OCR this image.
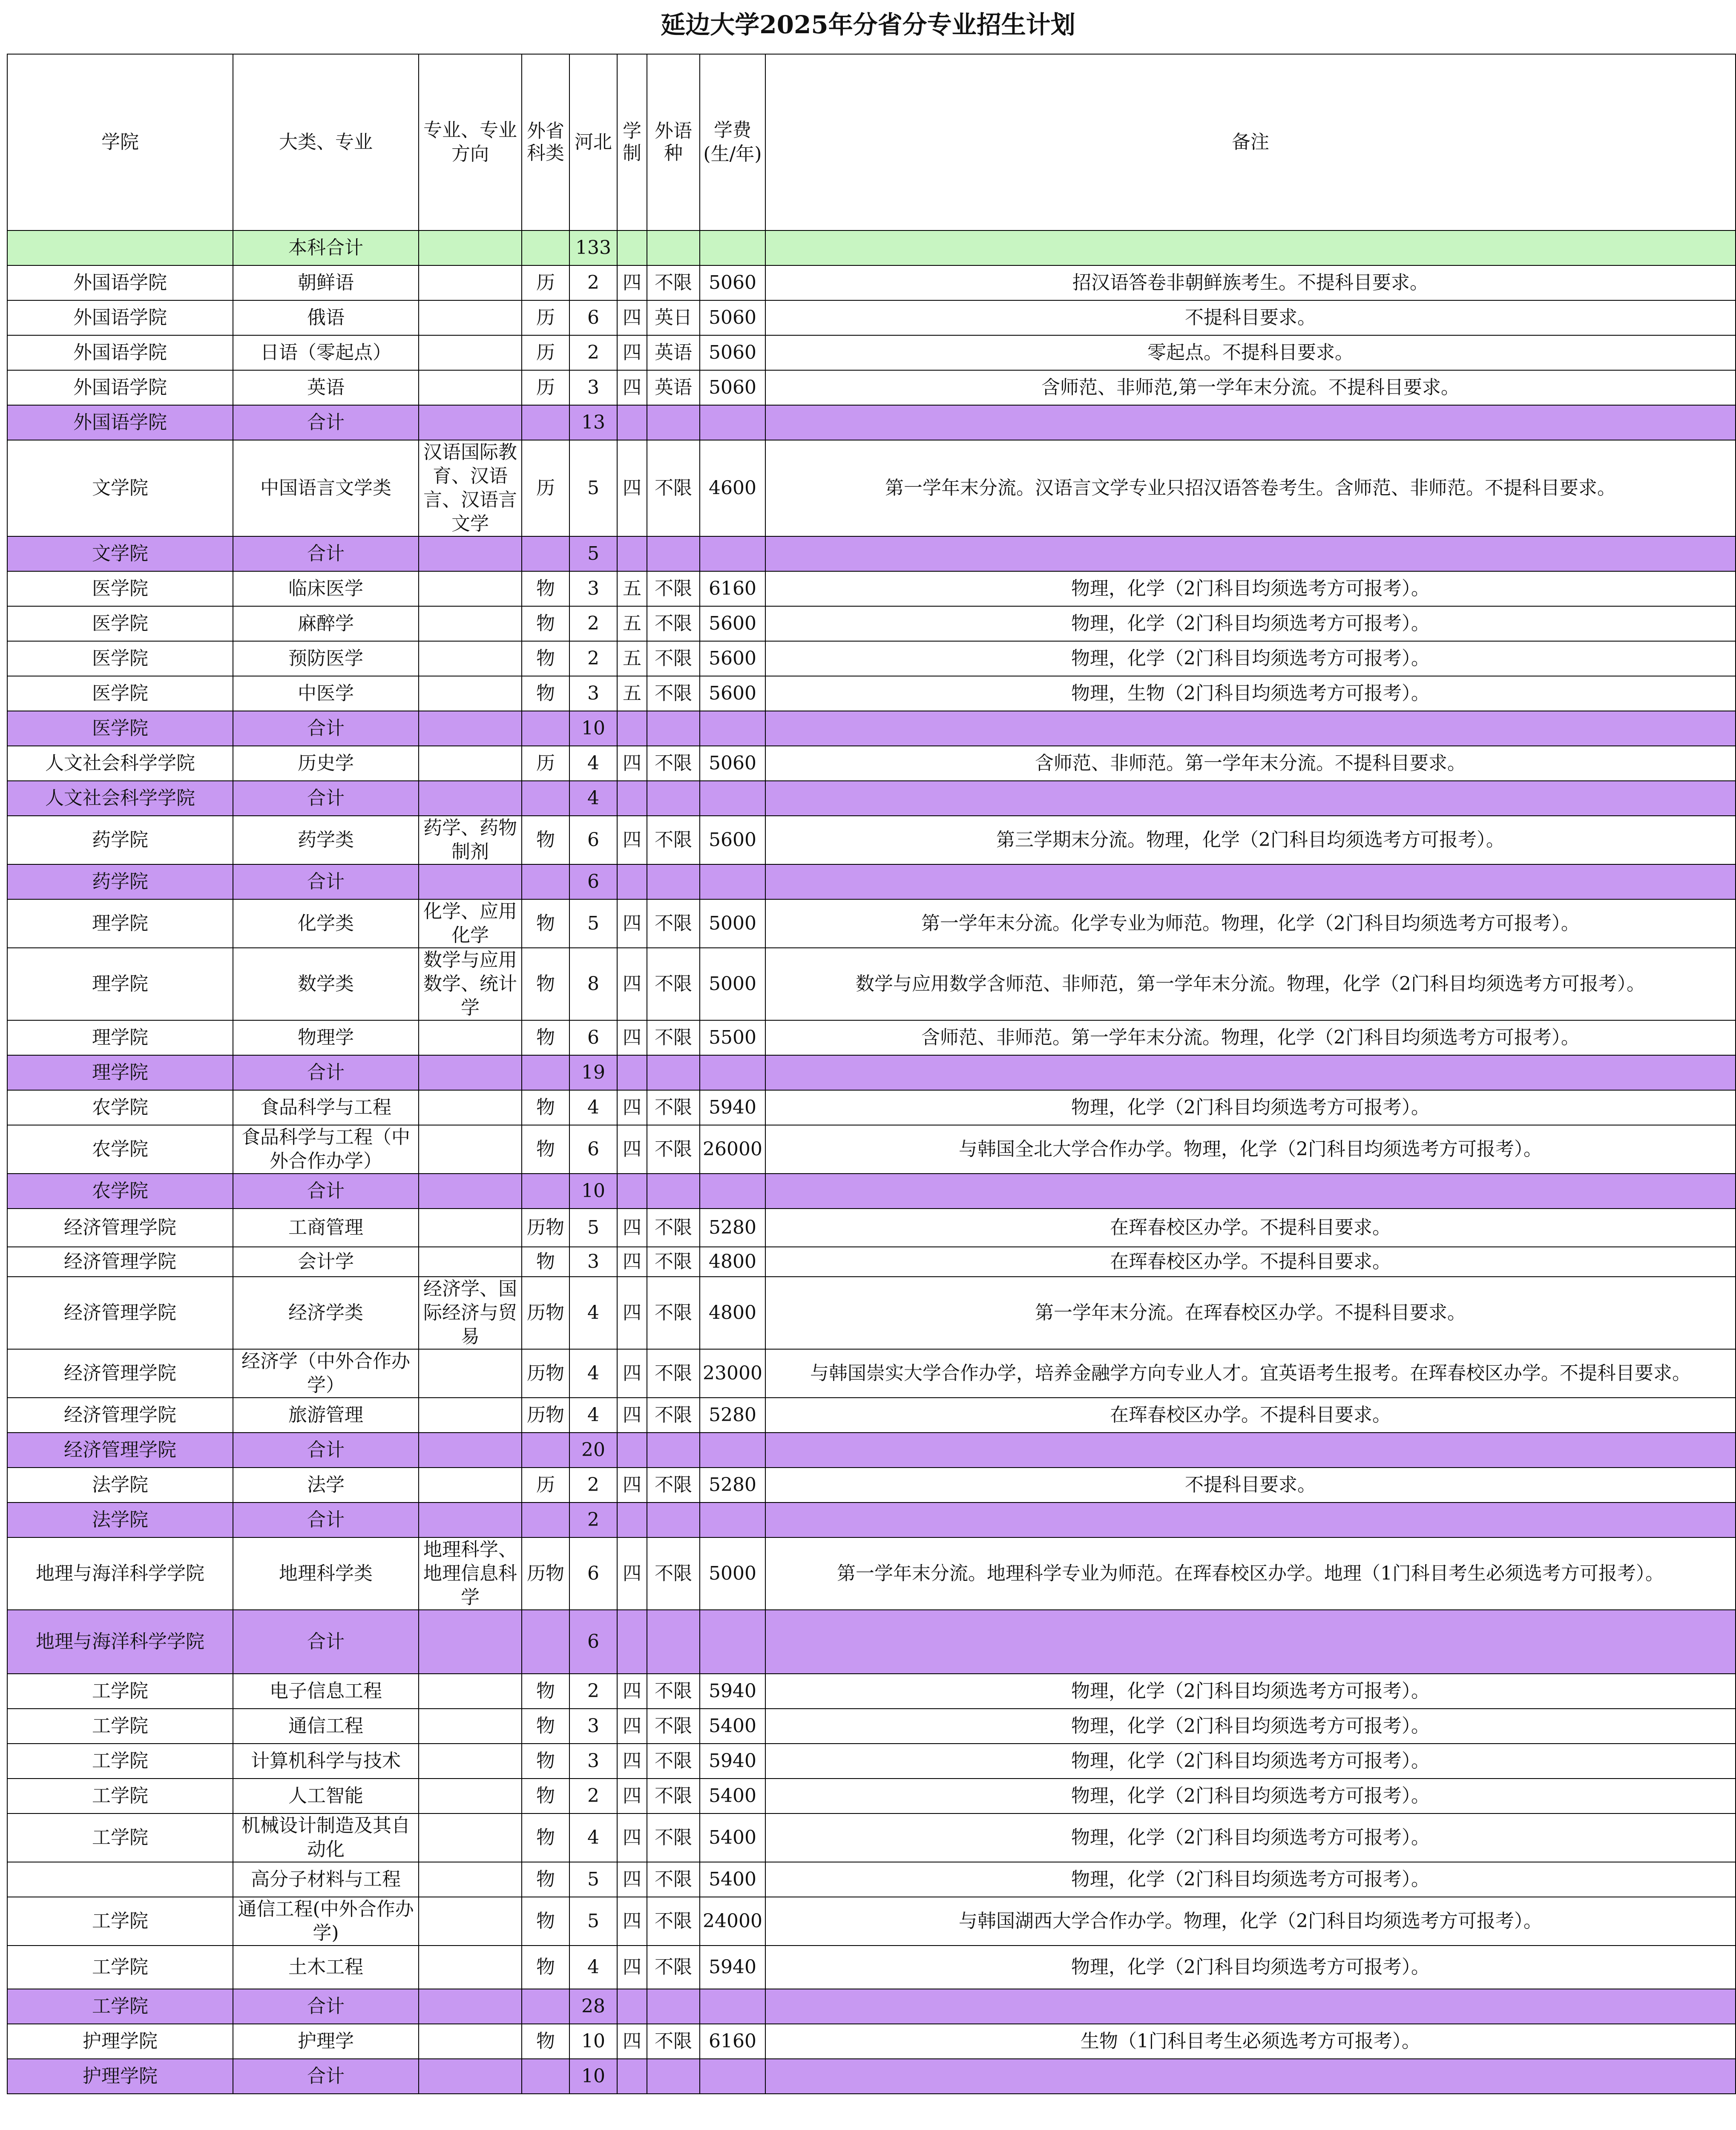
延边大学2025年分省分专业招生计划
学院	大类、专业	专业、专业方向	外省科类	河北	学制	外语种	学费(生/年)	备注
	本科合计			133				
外国语学院	朝鲜语		历	2	四	不限	5060	招汉语答卷非朝鲜族考生。不提科目要求。
外国语学院	俄语		历	6	四	英日	5060	不提科目要求。
外国语学院	日语（零起点）		历	2	四	英语	5060	零起点。不提科目要求。
外国语学院	英语		历	3	四	英语	5060	含师范、非师范,第一学年末分流。不提科目要求。
外国语学院	合计			13				
文学院	中国语言文学类	汉语国际教育、汉语言、汉语言文学	历	5	四	不限	4600	第一学年末分流。汉语言文学专业只招汉语答卷考生。含师范、非师范。不提科目要求。
文学院	合计			5				
医学院	临床医学		物	3	五	不限	6160	物理，化学（2门科目均须选考方可报考）。
医学院	麻醉学		物	2	五	不限	5600	物理，化学（2门科目均须选考方可报考）。
医学院	预防医学		物	2	五	不限	5600	物理，化学（2门科目均须选考方可报考）。
医学院	中医学		物	3	五	不限	5600	物理，生物（2门科目均须选考方可报考）。
医学院	合计			10				
人文社会科学学院	历史学		历	4	四	不限	5060	含师范、非师范。第一学年末分流。不提科目要求。
人文社会科学学院	合计			4				
药学院	药学类	药学、药物制剂	物	6	四	不限	5600	第三学期末分流。物理，化学（2门科目均须选考方可报考）。
药学院	合计			6				
理学院	化学类	化学、应用化学	物	5	四	不限	5000	第一学年末分流。化学专业为师范。物理，化学（2门科目均须选考方可报考）。
理学院	数学类	数学与应用数学、统计学	物	8	四	不限	5000	数学与应用数学含师范、非师范，第一学年末分流。物理，化学（2门科目均须选考方可报考）。
理学院	物理学		物	6	四	不限	5500	含师范、非师范。第一学年末分流。物理，化学（2门科目均须选考方可报考）。
理学院	合计			19				
农学院	食品科学与工程		物	4	四	不限	5940	物理，化学（2门科目均须选考方可报考）。
农学院	食品科学与工程（中外合作办学）		物	6	四	不限	26000	与韩国全北大学合作办学。物理，化学（2门科目均须选考方可报考）。
农学院	合计			10				
经济管理学院	工商管理		历物	5	四	不限	5280	在珲春校区办学。不提科目要求。
经济管理学院	会计学		物	3	四	不限	4800	在珲春校区办学。不提科目要求。
经济管理学院	经济学类	经济学、国际经济与贸易	历物	4	四	不限	4800	第一学年末分流。在珲春校区办学。不提科目要求。
经济管理学院	经济学（中外合作办学）		历物	4	四	不限	23000	与韩国崇实大学合作办学，培养金融学方向专业人才。宜英语考生报考。在珲春校区办学。不提科目要求。
经济管理学院	旅游管理		历物	4	四	不限	5280	在珲春校区办学。不提科目要求。
经济管理学院	合计			20				
法学院	法学		历	2	四	不限	5280	不提科目要求。
法学院	合计			2				
地理与海洋科学学院	地理科学类	地理科学、地理信息科学	历物	6	四	不限	5000	第一学年末分流。地理科学专业为师范。在珲春校区办学。地理（1门科目考生必须选考方可报考）。
地理与海洋科学学院	合计			6				
工学院	电子信息工程		物	2	四	不限	5940	物理，化学（2门科目均须选考方可报考）。
工学院	通信工程		物	3	四	不限	5400	物理，化学（2门科目均须选考方可报考）。
工学院	计算机科学与技术		物	3	四	不限	5940	物理，化学（2门科目均须选考方可报考）。
工学院	人工智能		物	2	四	不限	5400	物理，化学（2门科目均须选考方可报考）。
工学院	机械设计制造及其自动化		物	4	四	不限	5400	物理，化学（2门科目均须选考方可报考）。
	高分子材料与工程		物	5	四	不限	5400	物理，化学（2门科目均须选考方可报考）。
工学院	通信工程(中外合作办学)		物	5	四	不限	24000	与韩国湖西大学合作办学。物理，化学（2门科目均须选考方可报考）。
工学院	土木工程		物	4	四	不限	5940	物理，化学（2门科目均须选考方可报考）。
工学院	合计			28				
护理学院	护理学		物	10	四	不限	6160	生物（1门科目考生必须选考方可报考）。
护理学院	合计			10				
